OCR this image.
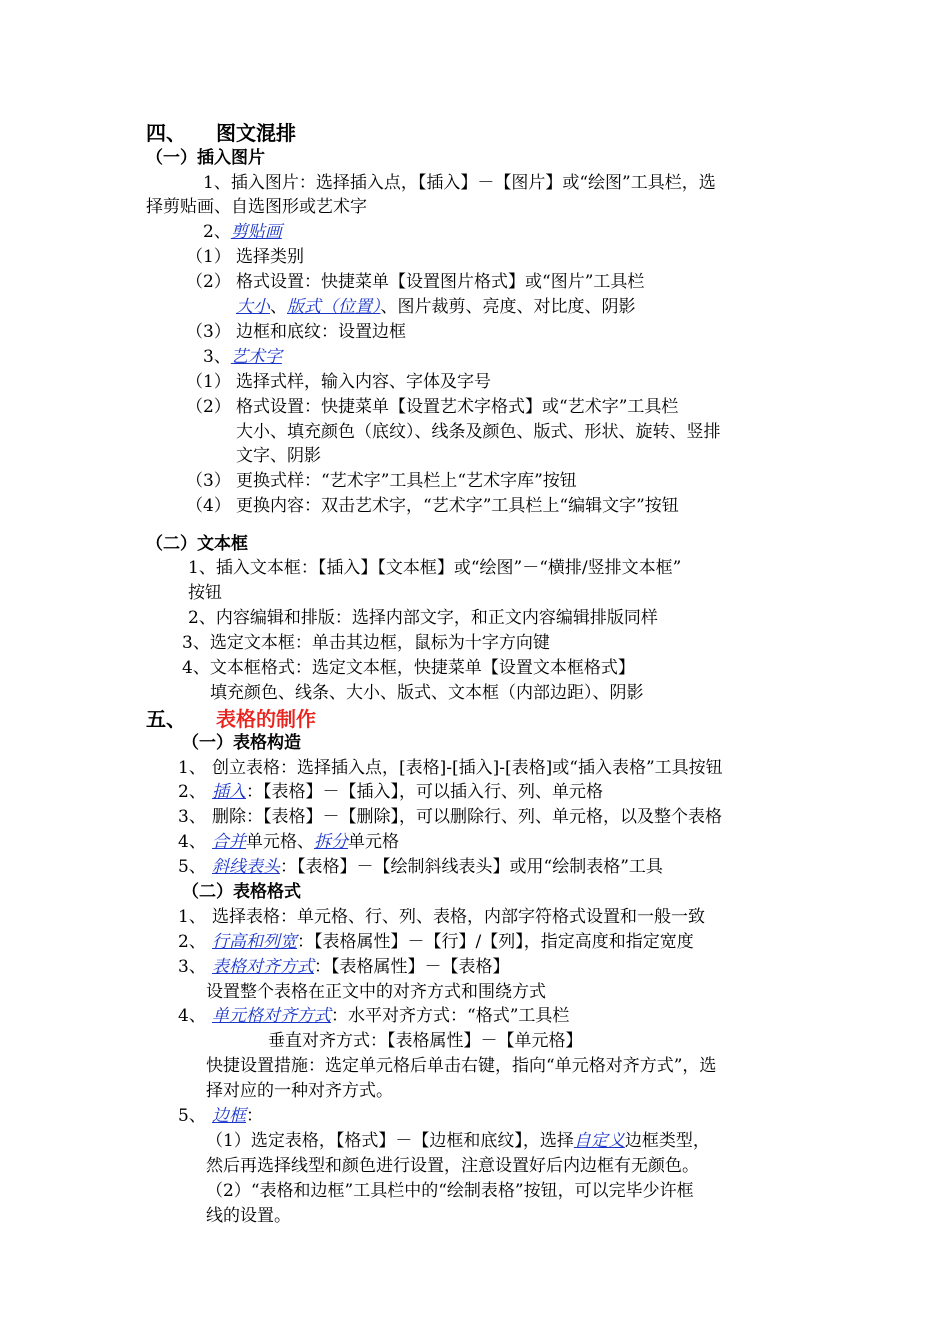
四、 图文混排
（一）插入图片
1、插入图片：选择插入点，【插入】－【图片】或“绘图”工具栏，选
择剪贴画、自选图形或艺术字
2、剪贴画
（1） 选择类别
（2） 格式设置：快捷菜单【设置图片格式】或“图片”工具栏
大小、版式（位置）、图片裁剪、亮度、对比度、阴影
（3） 边框和底纹：设置边框
3、艺术字
（1） 选择式样，输入内容、字体及字号
（2） 格式设置：快捷菜单【设置艺术字格式】或“艺术字”工具栏
大小、填充颜色（底纹）、线条及颜色、版式、形状、旋转、竖排
文字、阴影
（3） 更换式样：“艺术字”工具栏上“艺术字库”按钮
（4） 更换内容：双击艺术字，“艺术字”工具栏上“编辑文字”按钮
（二）文本框
1、插入文本框：【插入】【文本框】或“绘图”－“横排/竖排文本框”
按钮
2、内容编辑和排版：选择内部文字，和正文内容编辑排版同样
3、选定文本框：单击其边框，鼠标为十字方向键
4、文本框格式：选定文本框，快捷菜单【设置文本框格式】
填充颜色、线条、大小、版式、文本框（内部边距）、阴影
五、 表格的制作
（一）表格构造
1、 创立表格：选择插入点，[表格]-[插入]-[表格]或“插入表格”工具按钮
2、 插入：【表格】－【插入】，可以插入行、列、单元格
3、 删除：【表格】－【删除】，可以删除行、列、单元格，以及整个表格
4、 合并单元格、拆分单元格
5、 斜线表头：【表格】－【绘制斜线表头】或用“绘制表格”工具
（二）表格格式
1、 选择表格：单元格、行、列、表格，内部字符格式设置和一般一致
2、 行高和列宽：【表格属性】－【行】/【列】，指定高度和指定宽度
3、 表格对齐方式：【表格属性】－【表格】
设置整个表格在正文中的对齐方式和围绕方式
4、 单元格对齐方式：水平对齐方式：“格式”工具栏
垂直对齐方式：【表格属性】－【单元格】
快捷设置措施：选定单元格后单击右键，指向“单元格对齐方式”，选
择对应的一种对齐方式。
5、 边框：
（1）选定表格，【格式】－【边框和底纹】，选择自定义边框类型，
然后再选择线型和颜色进行设置，注意设置好后内边框有无颜色。
（2）“表格和边框”工具栏中的“绘制表格”按钮，可以完毕少许框
线的设置。
